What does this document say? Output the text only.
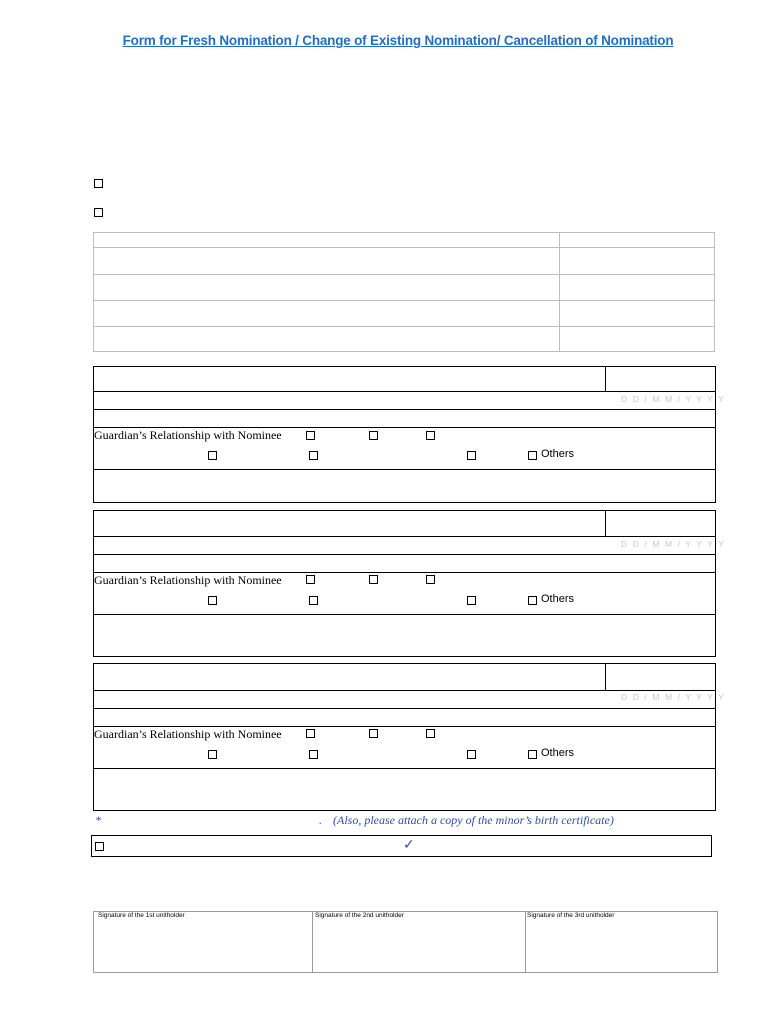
Form for Fresh Nomination / Change of Existing Nomination/ Cancellation of Nomination
D D / M M / Y Y Y Y
Guardian’s Relationship with Nominee
Others
D D / M M / Y Y Y Y
Guardian’s Relationship with Nominee
Others
D D / M M / Y Y Y Y
Guardian’s Relationship with Nominee
Others
*	. (Also, please attach a copy of the minor’s birth certificate)
✓
Signature of the 1st unitholder	Signature of the 2nd unitholder	Signature of the 3rd unitholder
